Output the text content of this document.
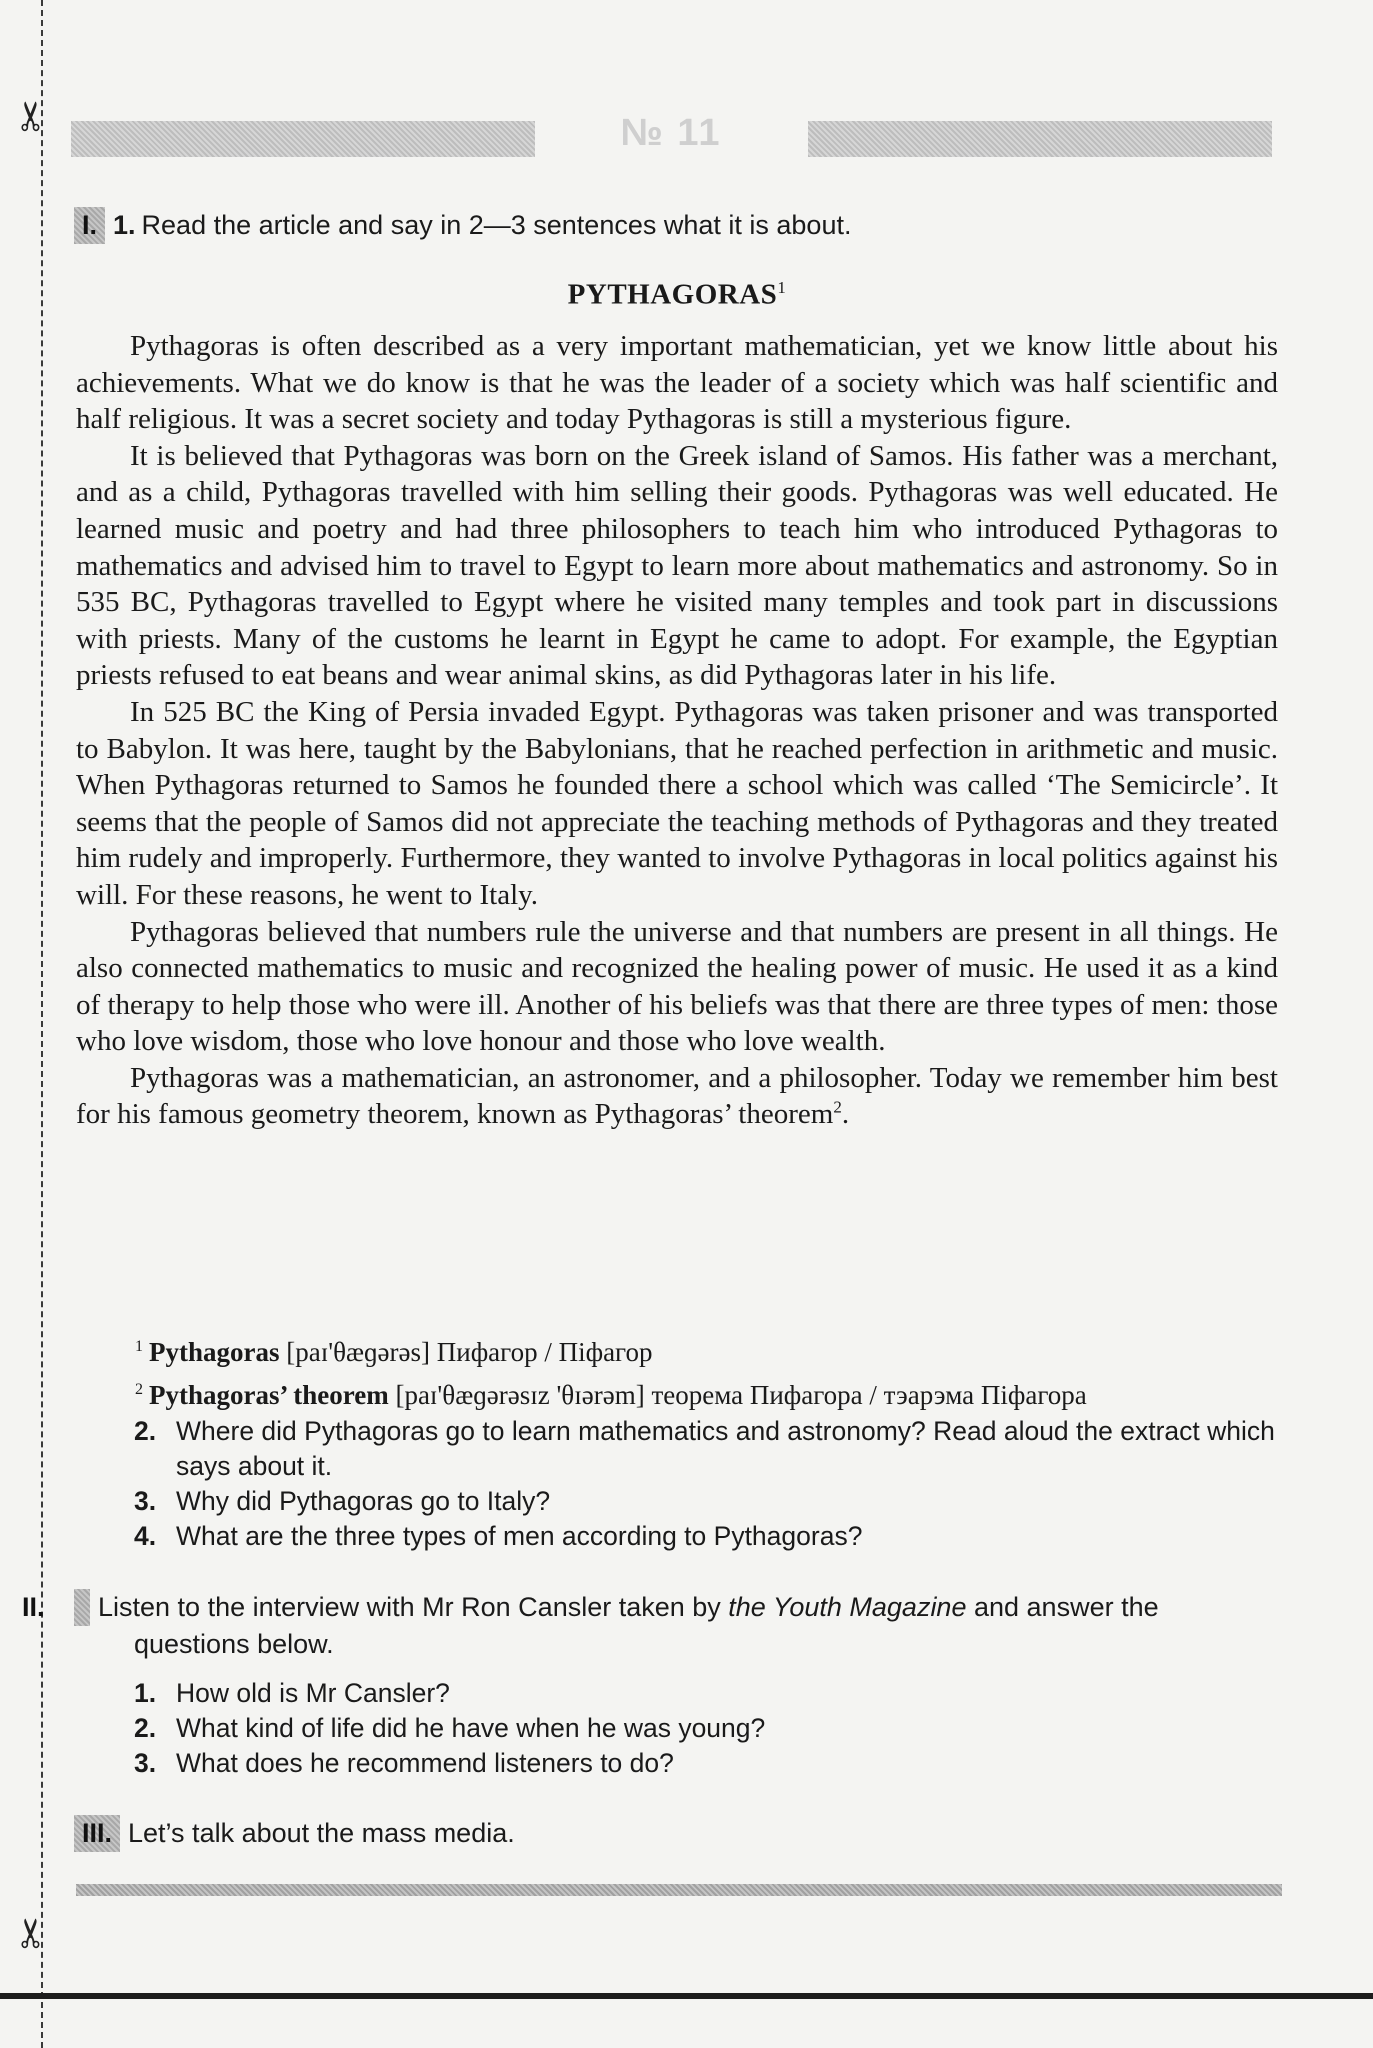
✂
✂
№ 11
I. 1. Read the article and say in 2—3 sentences what it is about.
PYTHAGORAS$^1$

Pythagoras is often described as a very important mathematician, yet we know little about his achievements. What we do know is that he was the leader of a society which was half scientific and half religious. It was a secret society and today Pythagoras is still a mysterious figure.

It is believed that Pythagoras was born on the Greek island of Samos. His father was a merchant, and as a child, Pythagoras travelled with him selling their goods. Pythagoras was well educated. He learned music and poetry and had three philosophers to teach him who introduced Pythagoras to mathematics and advised him to travel to Egypt to learn more about mathematics and astronomy. So in 535 BC, Pythagoras travelled to Egypt where he visited many temples and took part in discussions with priests. Many of the customs he learnt in Egypt he came to adopt. For example, the Egyptian priests refused to eat beans and wear animal skins, as did Pythagoras later in his life.

In 525 BC the King of Persia invaded Egypt. Pythagoras was taken prisoner and was transported to Babylon. It was here, taught by the Babylonians, that he reached perfection in arithmetic and music. When Pythagoras returned to Samos he founded there a school which was called ‘The Semicircle’. It seems that the people of Samos did not appreciate the teaching methods of Pythagoras and they treated him rudely and improperly. Furthermore, they wanted to involve Pythagoras in local politics against his will. For these reasons, he went to Italy.

Pythagoras believed that numbers rule the universe and that numbers are present in all things. He also connected mathematics to music and recognized the healing power of music. He used it as a kind of therapy to help those who were ill. Another of his beliefs was that there are three types of men: those who love wisdom, those who love honour and those who love wealth.

Pythagoras was a mathematician, an astronomer, and a philosopher. Today we remember him best for his famous geometry theorem, known as Pythagoras’ theorem$^2$.

$^1$ Pythagoras [paɪ'θæɡərəs] Пифагор / Піфагор
$^2$ Pythagoras’ theorem [paɪ'θæɡərəsɪz 'θɪərəm] теорема Пифагора / тэарэма Піфагора
2. Where did Pythagoras go to learn mathematics and astronomy? Read aloud the extract which says about it.
3. Why did Pythagoras go to Italy?
4. What are the three types of men according to Pythagoras?
II. Listen to the interview with Mr Ron Cansler taken by the Youth Magazine and answer the questions below.
1. How old is Mr Cansler?
2. What kind of life did he have when he was young?
3. What does he recommend listeners to do?
III. Let’s talk about the mass media.
